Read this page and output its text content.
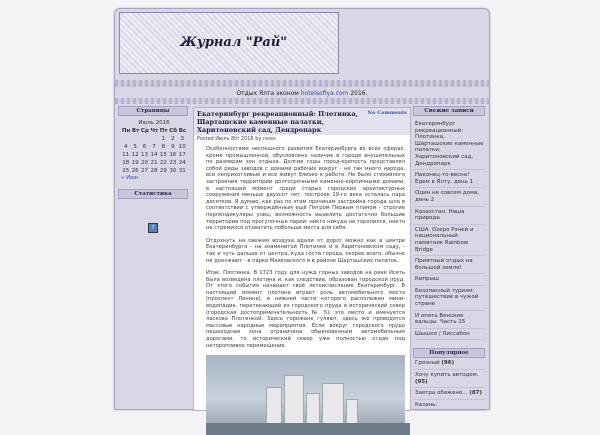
Журнал "Рай"
Отдых Ялта эконом hotelsofiya.com 2016.
Страницы
Июль 2016
Пн	Вт	Ср	Чт	Пт	Сб	Вс
				1	2	3
4	5	6	7	8	9	10
11	12	13	14	15	16	17
18	19	20	21	22	23	24
25	26	27	28	29	30	31
« Июн
Статистика
?
Екатеринбург рекреационный: Плотинка, Шарташские каменные палатки, Харитоновский сад, Дендропарк
No Comments
Posted Июль 8th 2016 by news

Особенностями неспешного развития Екатеринбурга во всех сферах, кроме промышленной, обусловлено наличие в городе внушительных по размерам зон отдыха. Долгие годы город-крепость представлял собой ряды заводов с домами рабочих вокруг - не так много народа, все неприхотливые и все живут близко к работе. Не было стихийного застроения территории долгосрочными каменно-кирпичными домами, в настоящий момент среди старых городских архитектурных сооружения меньше двухсот лет, построек 19-го века осталась пара десятков. Я думаю, как раз по этим причинам застройка города шла в соответствии с утверждённым ещё Петром Первым планом - строгие перпендикуляры улиц, возможность выделить достаточно большие территории под прогулочные парки: никто никуда не торопился, никто не стремился отхватить побольше места для себя.

Отдохнуть на свежем воздухе вдали от дорог можно как в центре Екатеринбурга - на знаменитой Плотинке и в Харитоновском саду, - так и чуть дальше от центра, куда гости города, скорее всего, обычно не доезжают - в парке Маяковского и в районе Шарташских палаток.

Итак, Плотинка. В 1723 году для нужд горных заводов на реке Исеть была возведена плотина и, как следствие, образован городской пруд. От этого события начинает своё летоисчисление Екатеринбург. В настоящий момент плотина играет роль автомобильного моста (проспект Ленина), в нижней части которого расположен мини-водопадик, перетекающий из городского пруда в исторический сквер (городская достопримечательность № 5), это место и именуется ласково Плотинкой. Здесь горожане гуляют, здесь же проводятся массовые народные мероприятия. Если вокруг городского пруда пешеходная зона ограничена обыкновенным автомобильным дорогами, то исторический сквер уже полностью отдан под неторопливое перемещение.

Свежие записи
Екатеринбург рекреационный: Плотинка, Шарташские каменные палатки, Харитоновский сад, Дендропарк
Наконец-то-весна! Едем в Ялту, день 1
Один не совсем дома, день 2
Казахстан. Наша природа
США. Озеро Рэней и национальный памятник Rainbow Bridge
Приятный отдых на большой земле!
Кипрыш
Безопасный туризм: путешествие в чужой стране
И опять Венские вальцы. Часть 15
Шышко / Лиссабон
Популярное
Грозный (96)
Хочу купить автодом. (95)
Завтра обяжено... (87)
Казань:
